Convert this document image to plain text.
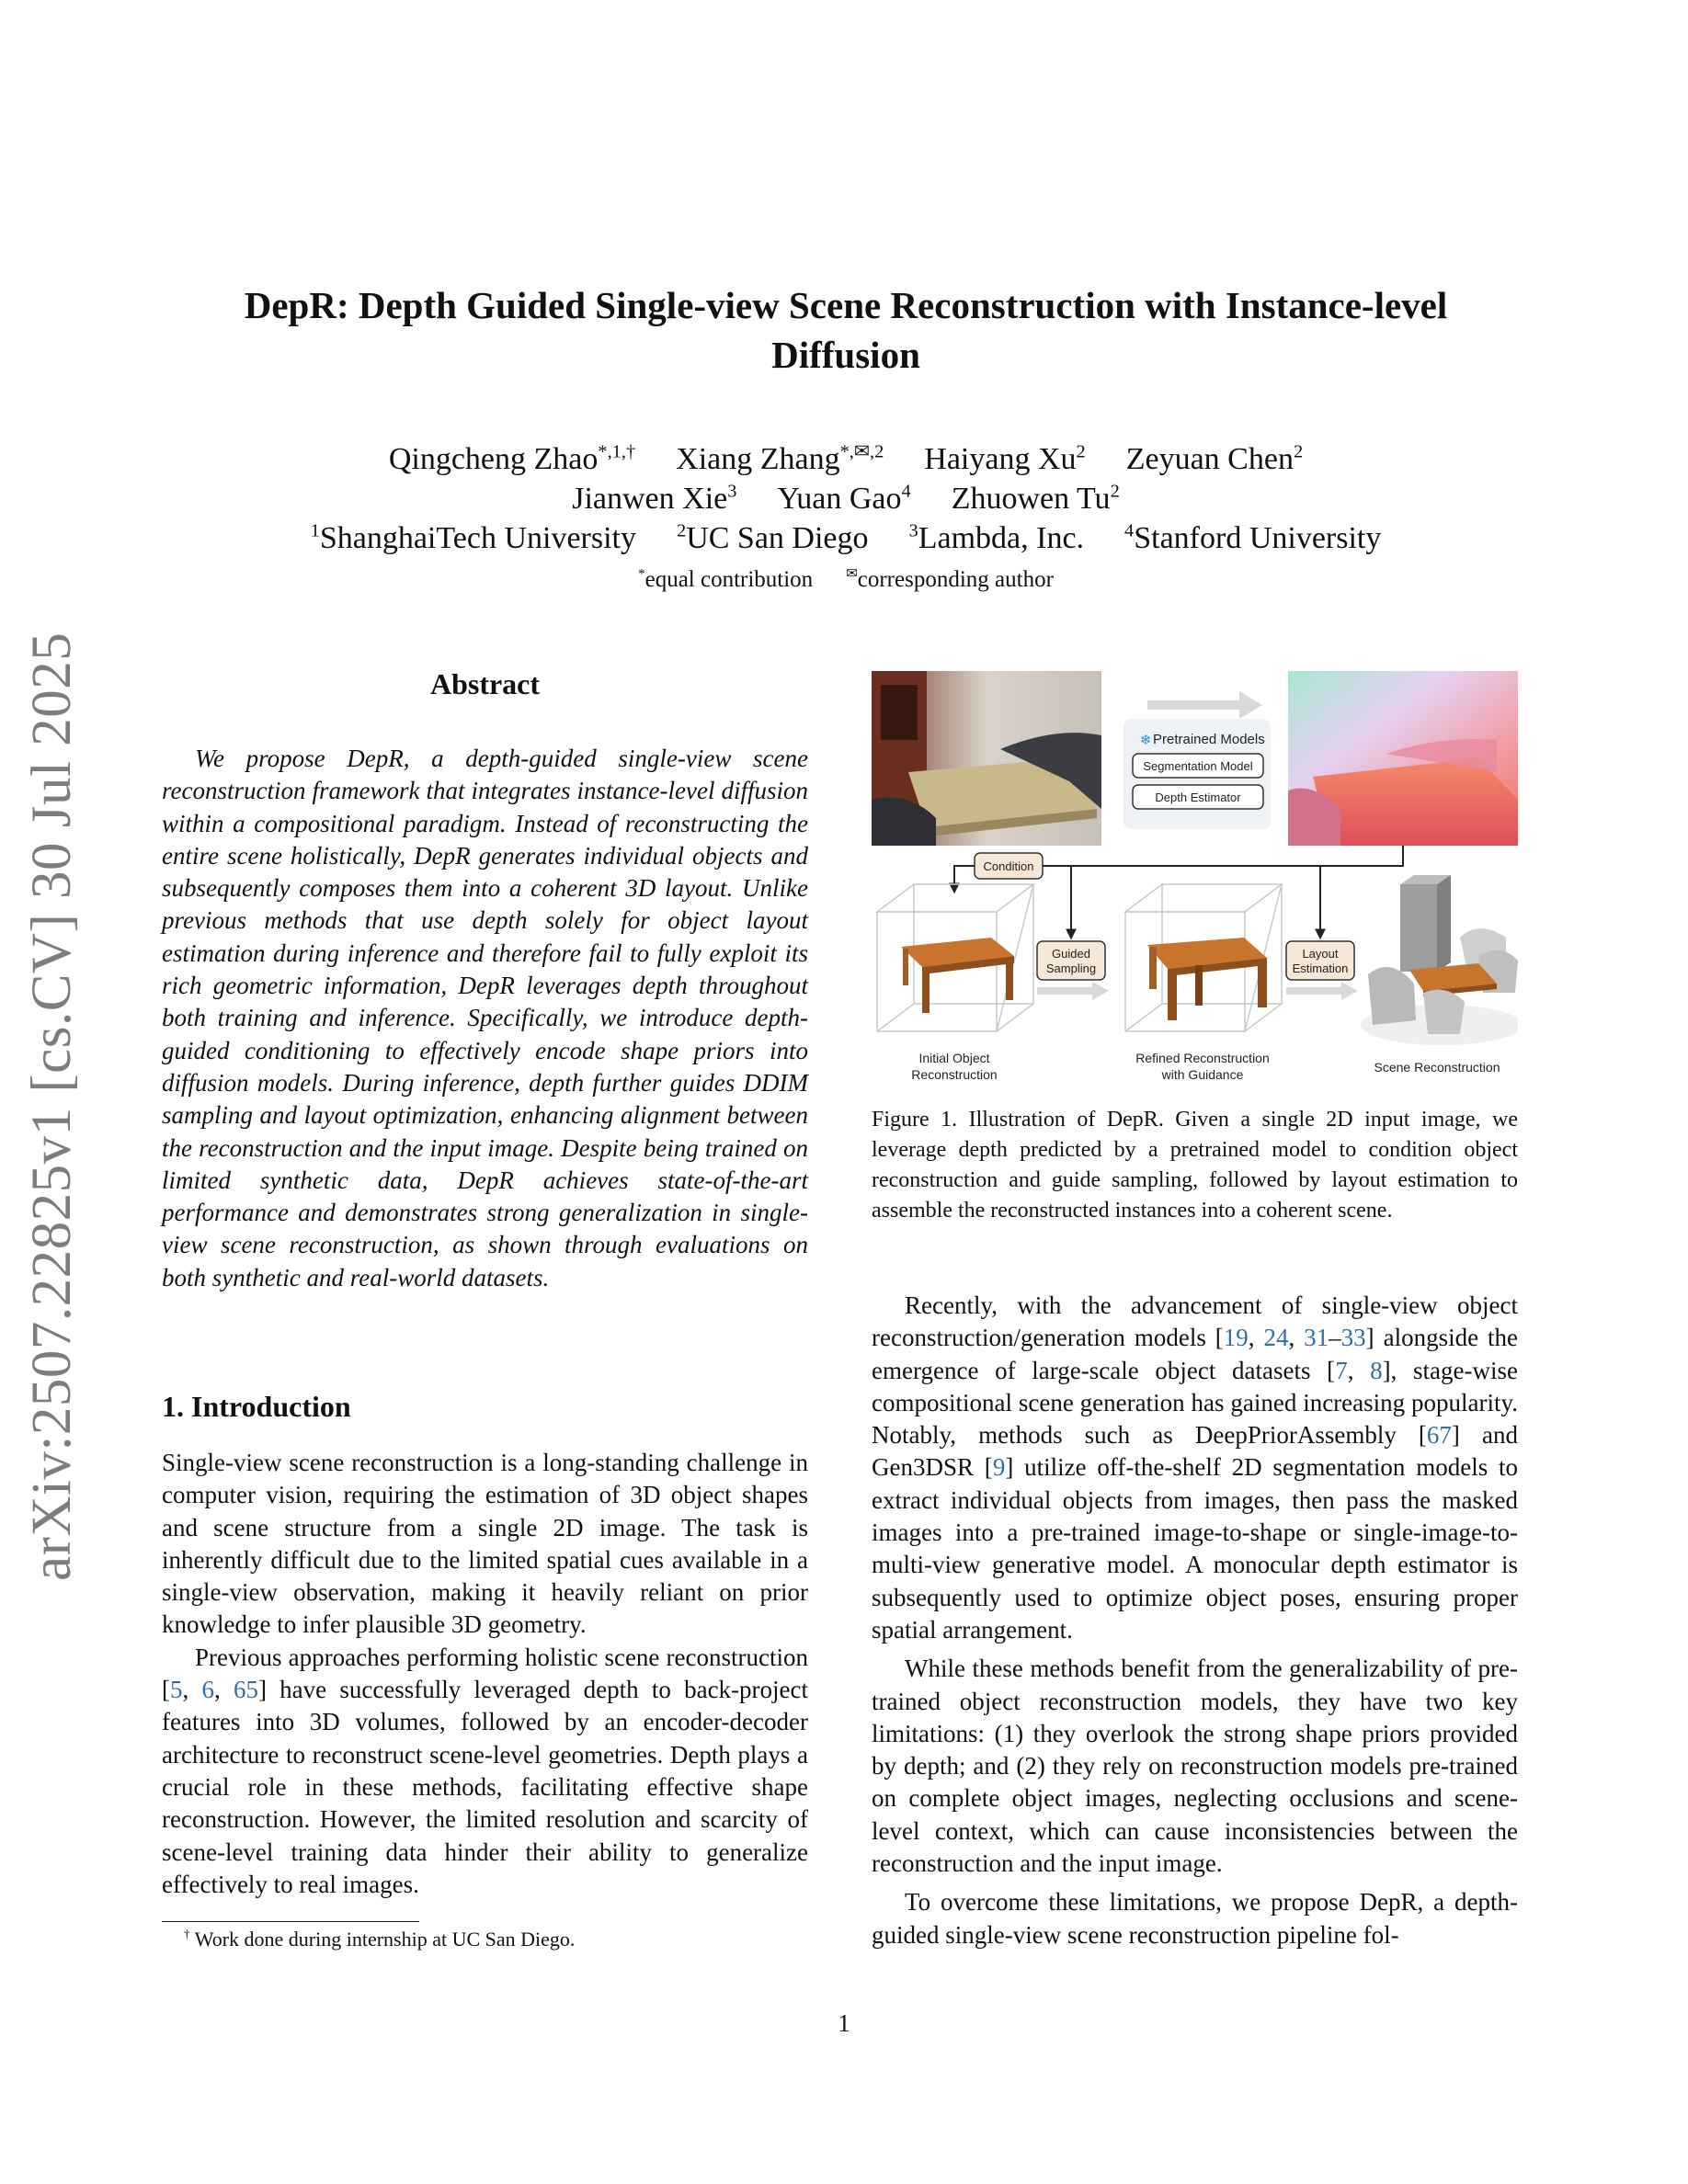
arXiv:2507.22825v1 [cs.CV] 30 Jul 2025
DepR: Depth Guided Single-view Scene Reconstruction with Instance-level
Diffusion
Qingcheng Zhao$^{*,1,\dagger}$ Xiang Zhang$^{*,✉,2}$ Haiyang Xu$^2$ Zeyuan Chen$^2$
Jianwen Xie$^3$ Yuan Gao$^4$ Zhuowen Tu$^2$
$^1$ShanghaiTech University $^2$UC San Diego $^3$Lambda, Inc. $^4$Stanford University
*equal contribution ✉corresponding author
Abstract

We propose DepR, a depth-guided single-view scene reconstruction framework that integrates instance-level diffusion within a compositional paradigm. Instead of reconstructing the entire scene holistically, DepR generates individual objects and subsequently composes them into a coherent 3D layout. Unlike previous methods that use depth solely for object layout estimation during inference and therefore fail to fully exploit its rich geometric information, DepR leverages depth throughout both training and inference. Specifically, we introduce depth-guided conditioning to effectively encode shape priors into diffusion models. During inference, depth further guides DDIM sampling and layout optimization, enhancing alignment between the reconstruction and the input image. Despite being trained on limited synthetic data, DepR achieves state-of-the-art performance and demonstrates strong generalization in single-view scene reconstruction, as shown through evaluations on both synthetic and real-world datasets.

1. Introduction

Single-view scene reconstruction is a long-standing challenge in computer vision, requiring the estimation of 3D object shapes and scene structure from a single 2D image. The task is inherently difficult due to the limited spatial cues available in a single-view observation, making it heavily reliant on prior knowledge to infer plausible 3D geometry.

Previous approaches performing holistic scene reconstruction [5, 6, 65] have successfully leveraged depth to back-project features into 3D volumes, followed by an encoder-decoder architecture to reconstruct scene-level geometries. Depth plays a crucial role in these methods, facilitating effective shape reconstruction. However, the limited resolution and scarcity of scene-level training data hinder their ability to generalize effectively to real images.

† Work done during internship at UC San Diego.
❄ Pretrained Models
Segmentation Model
Depth Estimator
Condition
Guided
Sampling
Layout
Estimation
Initial Object
Reconstruction
Refined Reconstruction
with Guidance	Scene Reconstruction
Figure 1. Illustration of DepR. Given a single 2D input image, we leverage depth predicted by a pretrained model to condition object reconstruction and guide sampling, followed by layout estimation to assemble the reconstructed instances into a coherent scene.

Recently, with the advancement of single-view object reconstruction/generation models [19, 24, 31–33] alongside the emergence of large-scale object datasets [7, 8], stage-wise compositional scene generation has gained increasing popularity. Notably, methods such as DeepPriorAssembly [67] and Gen3DSR [9] utilize off-the-shelf 2D segmentation models to extract individual objects from images, then pass the masked images into a pre-trained image-to-shape or single-image-to-multi-view generative model. A monocular depth estimator is subsequently used to optimize object poses, ensuring proper spatial arrangement.

While these methods benefit from the generalizability of pre-trained object reconstruction models, they have two key limitations: (1) they overlook the strong shape priors provided by depth; and (2) they rely on reconstruction models pre-trained on complete object images, neglecting occlusions and scene-level context, which can cause inconsistencies between the reconstruction and the input image.

To overcome these limitations, we propose DepR, a depth-guided single-view scene reconstruction pipeline fol-

1
